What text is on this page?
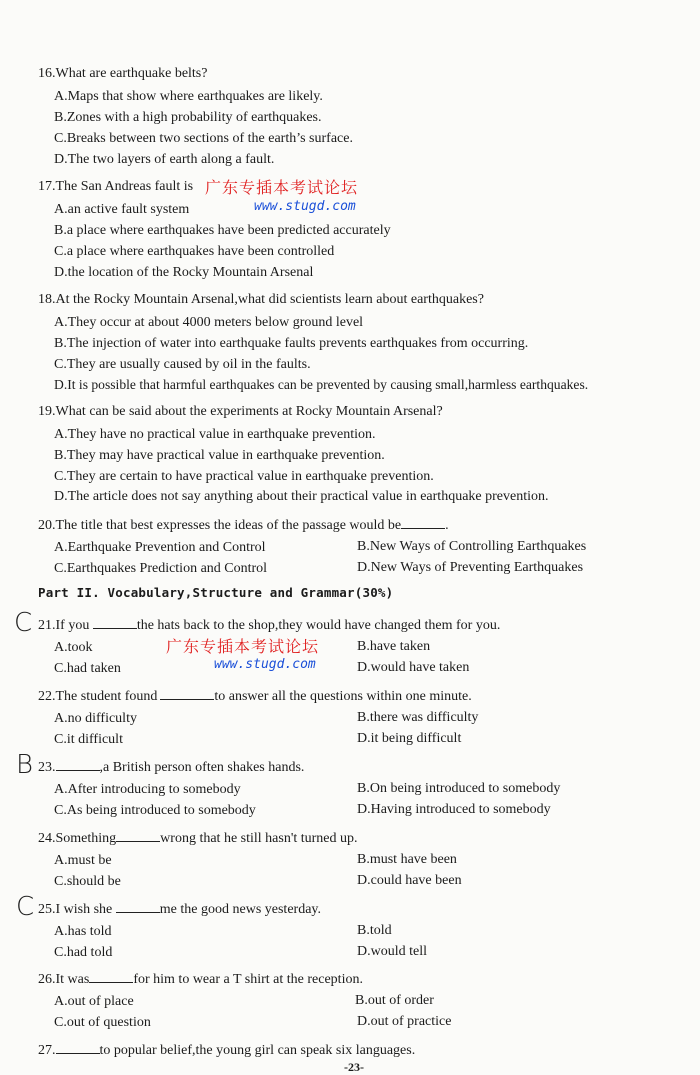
16.What are earthquake belts?
A.Maps that show where earthquakes are likely.
B.Zones with a high probability of earthquakes.
C.Breaks between two sections of the earth’s surface.
D.The two layers of earth along a fault.
17.The San Andreas fault is
A.an active fault system
B.a place where earthquakes have been predicted accurately
C.a place where earthquakes have been controlled
D.the location of the Rocky Mountain Arsenal
广东专插本考试论坛
www.stugd.com
18.At the Rocky Mountain Arsenal,what did scientists learn about earthquakes?
A.They occur at about 4000 meters below ground level
B.The injection of water into earthquake faults prevents earthquakes from occurring.
C.They are usually caused by oil in the faults.
D.It is possible that harmful earthquakes can be prevented by causing small,harmless earthquakes.
19.What can be said about the experiments at Rocky Mountain Arsenal?
A.They have no practical value in earthquake prevention.
B.They may have practical value in earthquake prevention.
C.They are certain to have practical value in earthquake prevention.
D.The article does not say anything about their practical value in earthquake prevention.
20.The title that best expresses the ideas of the passage would be	.
A.Earthquake Prevention and Control	B.New Ways of Controlling Earthquakes
C.Earthquakes Prediction and Control	D.New Ways of Preventing Earthquakes
Part II. Vocabulary,Structure and Grammar(30%)
C 21.If you	the hats back to the shop,they would have changed them for you.
A.took	B.have taken
C.had taken	D.would have taken
广东专插本考试论坛
www.stugd.com
22.The student found	to answer all the questions within one minute.
A.no difficulty	B.there was difficulty
C.it difficult	D.it being difficult
B 23.	,a British person often shakes hands.
A.After introducing to somebody	B.On being introduced to somebody
C.As being introduced to somebody	D.Having introduced to somebody
24.Something	wrong that he still hasn't turned up.
A.must be	B.must have been
C.should be	D.could have been
C 25.I wish she	me the good news yesterday.
A.has told	B.told
C.had told	D.would tell
26.It was	for him to wear a T shirt at the reception.
A.out of place	B.out of order
C.out of question	D.out of practice
27.	to popular belief,the young girl can speak six languages.
-23-
